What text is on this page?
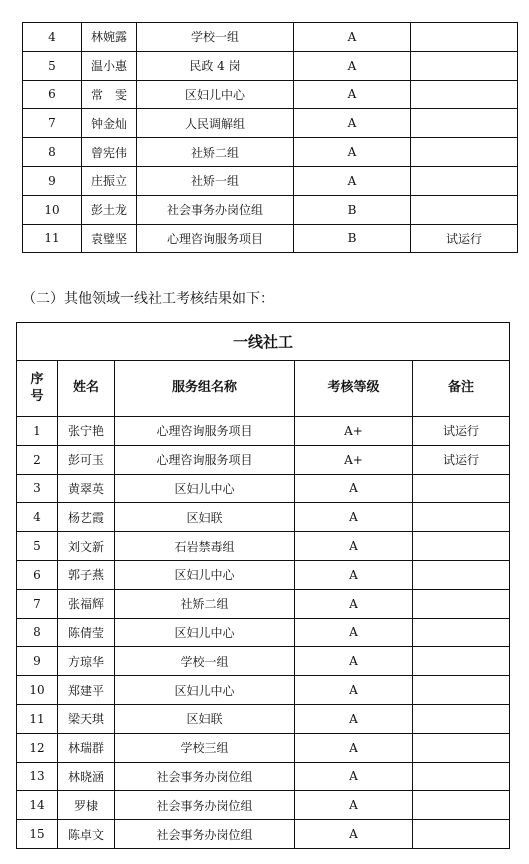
4	林婉露	学校一组	A	
5	温小惠	民政 4 岗	A	
6	常　雯	区妇儿中心	A	
7	钟金灿	人民调解组	A	
8	曾宪伟	社矫二组	A	
9	庄振立	社矫一组	A	
10	彭土龙	社会事务办岗位组	B	
11	袁璧坚	心理咨询服务项目	B	试运行
（二）其他领域一线社工考核结果如下：
一线社工				
序号	姓名	服务组名称	考核等级	备注
1	张宁艳	心理咨询服务项目	A+	试运行
2	彭可玉	心理咨询服务项目	A+	试运行
3	黄翠英	区妇儿中心	A	
4	杨艺霞	区妇联	A	
5	刘文新	石岩禁毒组	A	
6	郭子燕	区妇儿中心	A	
7	张福辉	社矫二组	A	
8	陈倩莹	区妇儿中心	A	
9	方琼华	学校一组	A	
10	郑建平	区妇儿中心	A	
11	梁天琪	区妇联	A	
12	林瑞群	学校三组	A	
13	林晓涵	社会事务办岗位组	A	
14	罗棣	社会事务办岗位组	A	
15	陈卓文	社会事务办岗位组	A	
